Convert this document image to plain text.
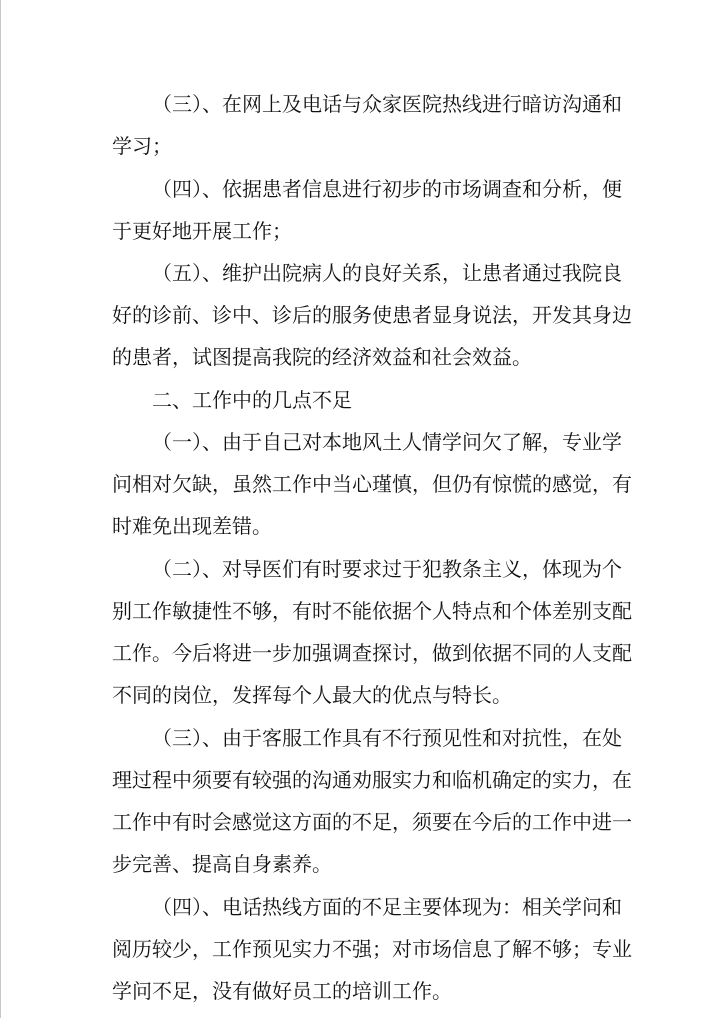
（三）、在网上及电话与众家医院热线进行暗访沟通和
学习；
（四）、依据患者信息进行初步的市场调查和分析，便
于更好地开展工作；
（五）、维护出院病人的良好关系，让患者通过我院良
好的诊前、诊中、诊后的服务使患者显身说法，开发其身边
的患者，试图提高我院的经济效益和社会效益。
二、工作中的几点不足
（一）、由于自己对本地风土人情学问欠了解，专业学
问相对欠缺，虽然工作中当心瑾慎，但仍有惊慌的感觉，有
时难免出现差错。
（二）、对导医们有时要求过于犯教条主义，体现为个
别工作敏捷性不够，有时不能依据个人特点和个体差别支配
工作。今后将进一步加强调查探讨，做到依据不同的人支配
不同的岗位，发挥每个人最大的优点与特长。
（三）、由于客服工作具有不行预见性和对抗性，在处
理过程中须要有较强的沟通劝服实力和临机确定的实力，在
工作中有时会感觉这方面的不足，须要在今后的工作中进一
步完善、提高自身素养。
（四）、电话热线方面的不足主要体现为：相关学问和
阅历较少，工作预见实力不强；对市场信息了解不够；专业
学问不足，没有做好员工的培训工作。
